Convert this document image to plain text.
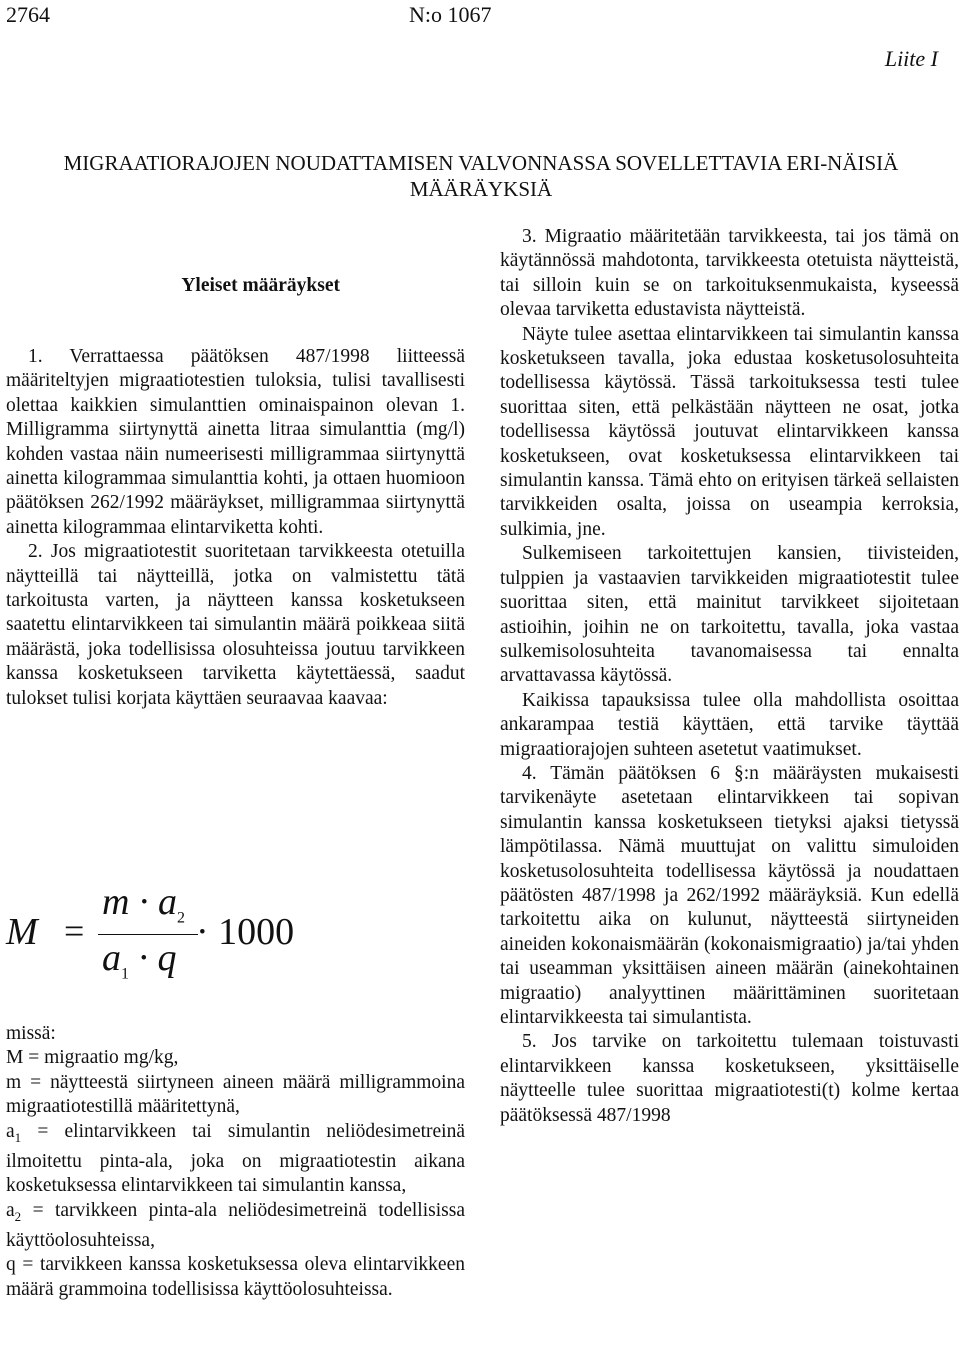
2764	N:o 1067
Liite I
MIGRAATIORAJOJEN NOUDATTAMISEN VALVONNASSA SOVELLETTAVIA ERI-NÄISIÄ MÄÄRÄYKSIÄ
Yleiset määräykset

1. Verrattaessa päätöksen 487/1998 liitteessä määriteltyjen migraatiotestien tuloksia, tulisi tavallisesti olettaa kaikkien simulanttien ominaispainon olevan 1. Milligramma siirtynyttä ainetta litraa simulanttia (mg/l) kohden vastaa näin numeerisesti milligrammaa siirtynyttä ainetta kilogrammaa simulanttia kohti, ja ottaen huomioon päätöksen 262/1992 määräykset, milligrammaa siirtynyttä ainetta kilogrammaa elintarviketta kohti.

2. Jos migraatiotestit suoritetaan tarvikkeesta otetuilla näytteillä tai näytteillä, jotka on valmistettu tätä tarkoitusta varten, ja näytteen kanssa kosketukseen saatettu elintarvikkeen tai simulantin määrä poikkeaa siitä määrästä, joka todellisissa olosuhteissa joutuu tarvikkeen kanssa kosketukseen tarviketta käytettäessä, saadut tulokset tulisi korjata käyttäen seuraavaa kaavaa:

M =
$m \cdot a_2$
$a_1 \cdot q$
· 1000

missä:

M = migraatio mg/kg,

m = näytteestä siirtyneen aineen määrä milligrammoina migraatiotestillä määritettynä,

$a_1$ = elintarvikkeen tai simulantin neliödesimetreinä ilmoitettu pinta-ala, joka on migraatiotestin aikana kosketuksessa elintarvikkeen tai simulantin kanssa,

$a_2$ = tarvikkeen pinta-ala neliödesimetreinä todellisissa käyttöolosuhteissa,

q = tarvikkeen kanssa kosketuksessa oleva elintarvikkeen määrä grammoina todellisissa käyttöolosuhteissa.

3. Migraatio määritetään tarvikkeesta, tai jos tämä on käytännössä mahdotonta, tarvikkeesta otetuista näytteistä, tai silloin kuin se on tarkoituksenmukaista, kyseessä olevaa tarviketta edustavista näytteistä.

Näyte tulee asettaa elintarvikkeen tai simulantin kanssa kosketukseen tavalla, joka edustaa kosketusolosuhteita todellisessa käytössä. Tässä tarkoituksessa testi tulee suorittaa siten, että pelkästään näytteen ne osat, jotka todellisessa käytössä joutuvat elintarvikkeen kanssa kosketukseen, ovat kosketuksessa elintarvikkeen tai simulantin kanssa. Tämä ehto on erityisen tärkeä sellaisten tarvikkeiden osalta, joissa on useampia kerroksia, sulkimia, jne.

Sulkemiseen tarkoitettujen kansien, tiivisteiden, tulppien ja vastaavien tarvikkeiden migraatiotestit tulee suorittaa siten, että mainitut tarvikkeet sijoitetaan astioihin, joihin ne on tarkoitettu, tavalla, joka vastaa sulkemisolosuhteita tavanomaisessa tai ennalta arvattavassa käytössä.

Kaikissa tapauksissa tulee olla mahdollista osoittaa ankarampaa testiä käyttäen, että tarvike täyttää migraatiorajojen suhteen asetetut vaatimukset.

4. Tämän päätöksen 6 §:n määräysten mukaisesti tarvikenäyte asetetaan elintarvikkeen tai sopivan simulantin kanssa kosketukseen tietyksi ajaksi tietyssä lämpötilassa. Nämä muuttujat on valittu simuloiden kosketusolosuhteita todellisessa käytössä ja noudattaen päätösten 487/1998 ja 262/1992 määräyksiä. Kun edellä tarkoitettu aika on kulunut, näytteestä siirtyneiden aineiden kokonaismäärän (kokonaismigraatio) ja/tai yhden tai useamman yksittäisen aineen määrän (ainekohtainen migraatio) analyyttinen määrittäminen suoritetaan elintarvikkeesta tai simulantista.

5. Jos tarvike on tarkoitettu tulemaan toistuvasti elintarvikkeen kanssa kosketukseen, yksittäiselle näytteelle tulee suorittaa migraatiotesti(t) kolme kertaa päätöksessä 487/1998
